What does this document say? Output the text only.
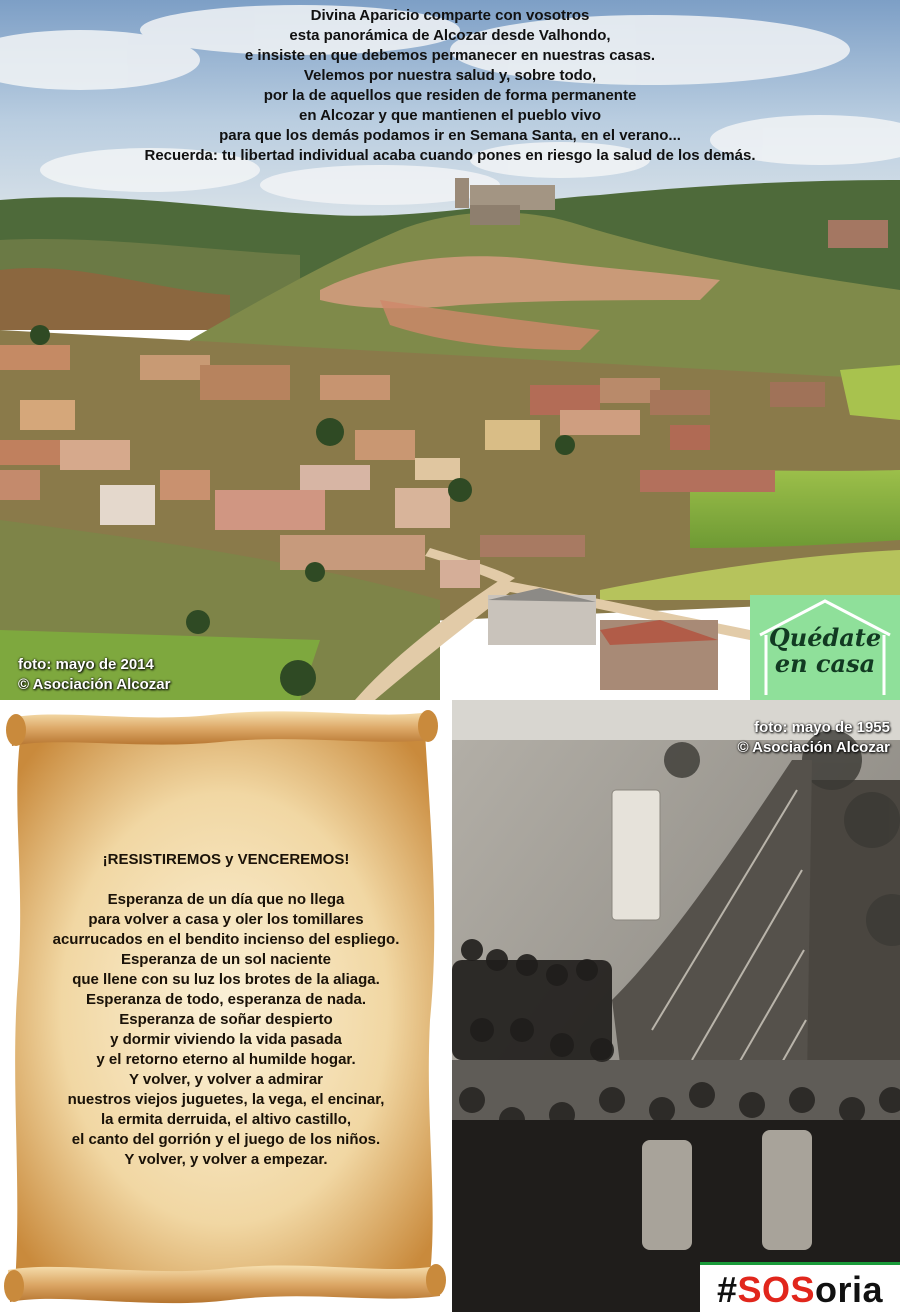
Divina Aparicio comparte con vosotros
esta panorámica de Alcozar desde Valhondo,
e insiste en que debemos permanecer en nuestras casas.
Velemos por nuestra salud y, sobre todo,
por la de aquellos que residen de forma permanente
en Alcozar y que mantienen el pueblo vivo
para que los demás podamos ir en Semana Santa, en el verano...
Recuerda: tu libertad individual acaba cuando pones en riesgo la salud de los demás.
foto: mayo de 2014
© Asociación Alcozar
Quédate
en casa
¡RESISTIREMOS y VENCEREMOS!
Esperanza de un día que no llega
para volver a casa y oler los tomillares
acurrucados en el bendito incienso del espliego.
Esperanza de un sol naciente
que llene con su luz los brotes de la aliaga.
Esperanza de todo, esperanza de nada.
Esperanza de soñar despierto
y dormir viviendo la vida pasada
y el retorno eterno al humilde hogar.
Y volver, y volver a admirar
nuestros viejos juguetes, la vega, el encinar,
la ermita derruida, el altivo castillo,
el canto del gorrión y el juego de los niños.
Y volver, y volver a empezar.
foto: mayo de 1955
© Asociación Alcozar
#SOSoria
